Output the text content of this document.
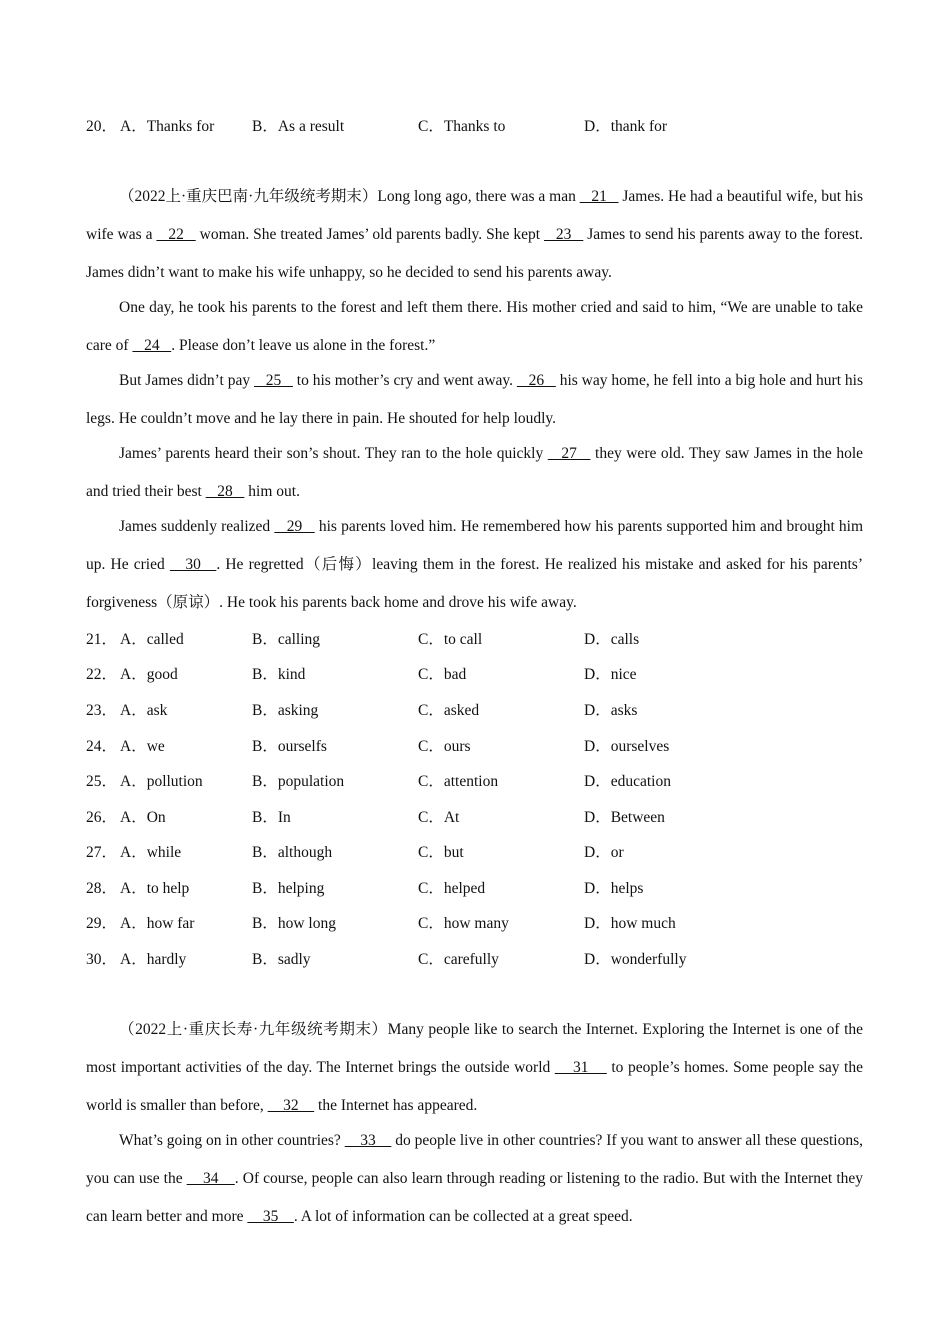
20． A．Thanks for B．As a result	C．Thanks to	D．thank for

（2022上·重庆巴南·九年级统考期末）Long long ago, there was a man    21    James. He had a beautiful wife, but his wife was a    22    woman. She treated James’ old parents badly. She kept    23    James to send his parents away to the forest. James didn’t want to make his wife unhappy, so he decided to send his parents away.

One day, he took his parents to the forest and left them there. His mother cried and said to him, “We are unable to take care of    24   . Please don’t leave us alone in the forest.”

But James didn’t pay    25    to his mother’s cry and went away.    26    his way home, he fell into a big hole and hurt his legs. He couldn’t move and he lay there in pain. He shouted for help loudly.

James’ parents heard their son’s shout. They ran to the hole quickly    27    they were old. They saw James in the hole and tried their best    28    him out.

James suddenly realized    29    his parents loved him. He remembered how his parents supported him and brought him up. He cried    30   . He regretted（后悔）leaving them in the forest. He realized his mistake and asked for his parents’ forgiveness（原谅）. He took his parents back home and drove his wife away.

21． A．called	B．calling	C．to call	D．calls
22． A．good	B．kind	C．bad	D．nice
23． A．ask	B．asking	C．asked	D．asks
24． A．we	B．ourselfs	C．ours	D．ourselves
25． A．pollution	B．population	C．attention	D．education
26． A．On	B．In	C．At	D．Between
27． A．while	B．although	C．but	D．or
28． A．to help	B．helping	C．helped	D．helps
29． A．how far	B．how long	C．how many	D．how much
30． A．hardly	B．sadly	C．carefully	D．wonderfully

（2022上·重庆长寿·九年级统考期末）Many people like to search the Internet. Exploring the Internet is one of the most important activities of the day. The Internet brings the outside world     31     to people’s homes. Some people say the world is smaller than before,     32     the Internet has appeared.

What’s going on in other countries?     33     do people live in other countries? If you want to answer all these questions, you can use the     34    . Of course, people can also learn through reading or listening to the radio. But with the Internet they can learn better and more     35    . A lot of information can be collected at a great speed.
